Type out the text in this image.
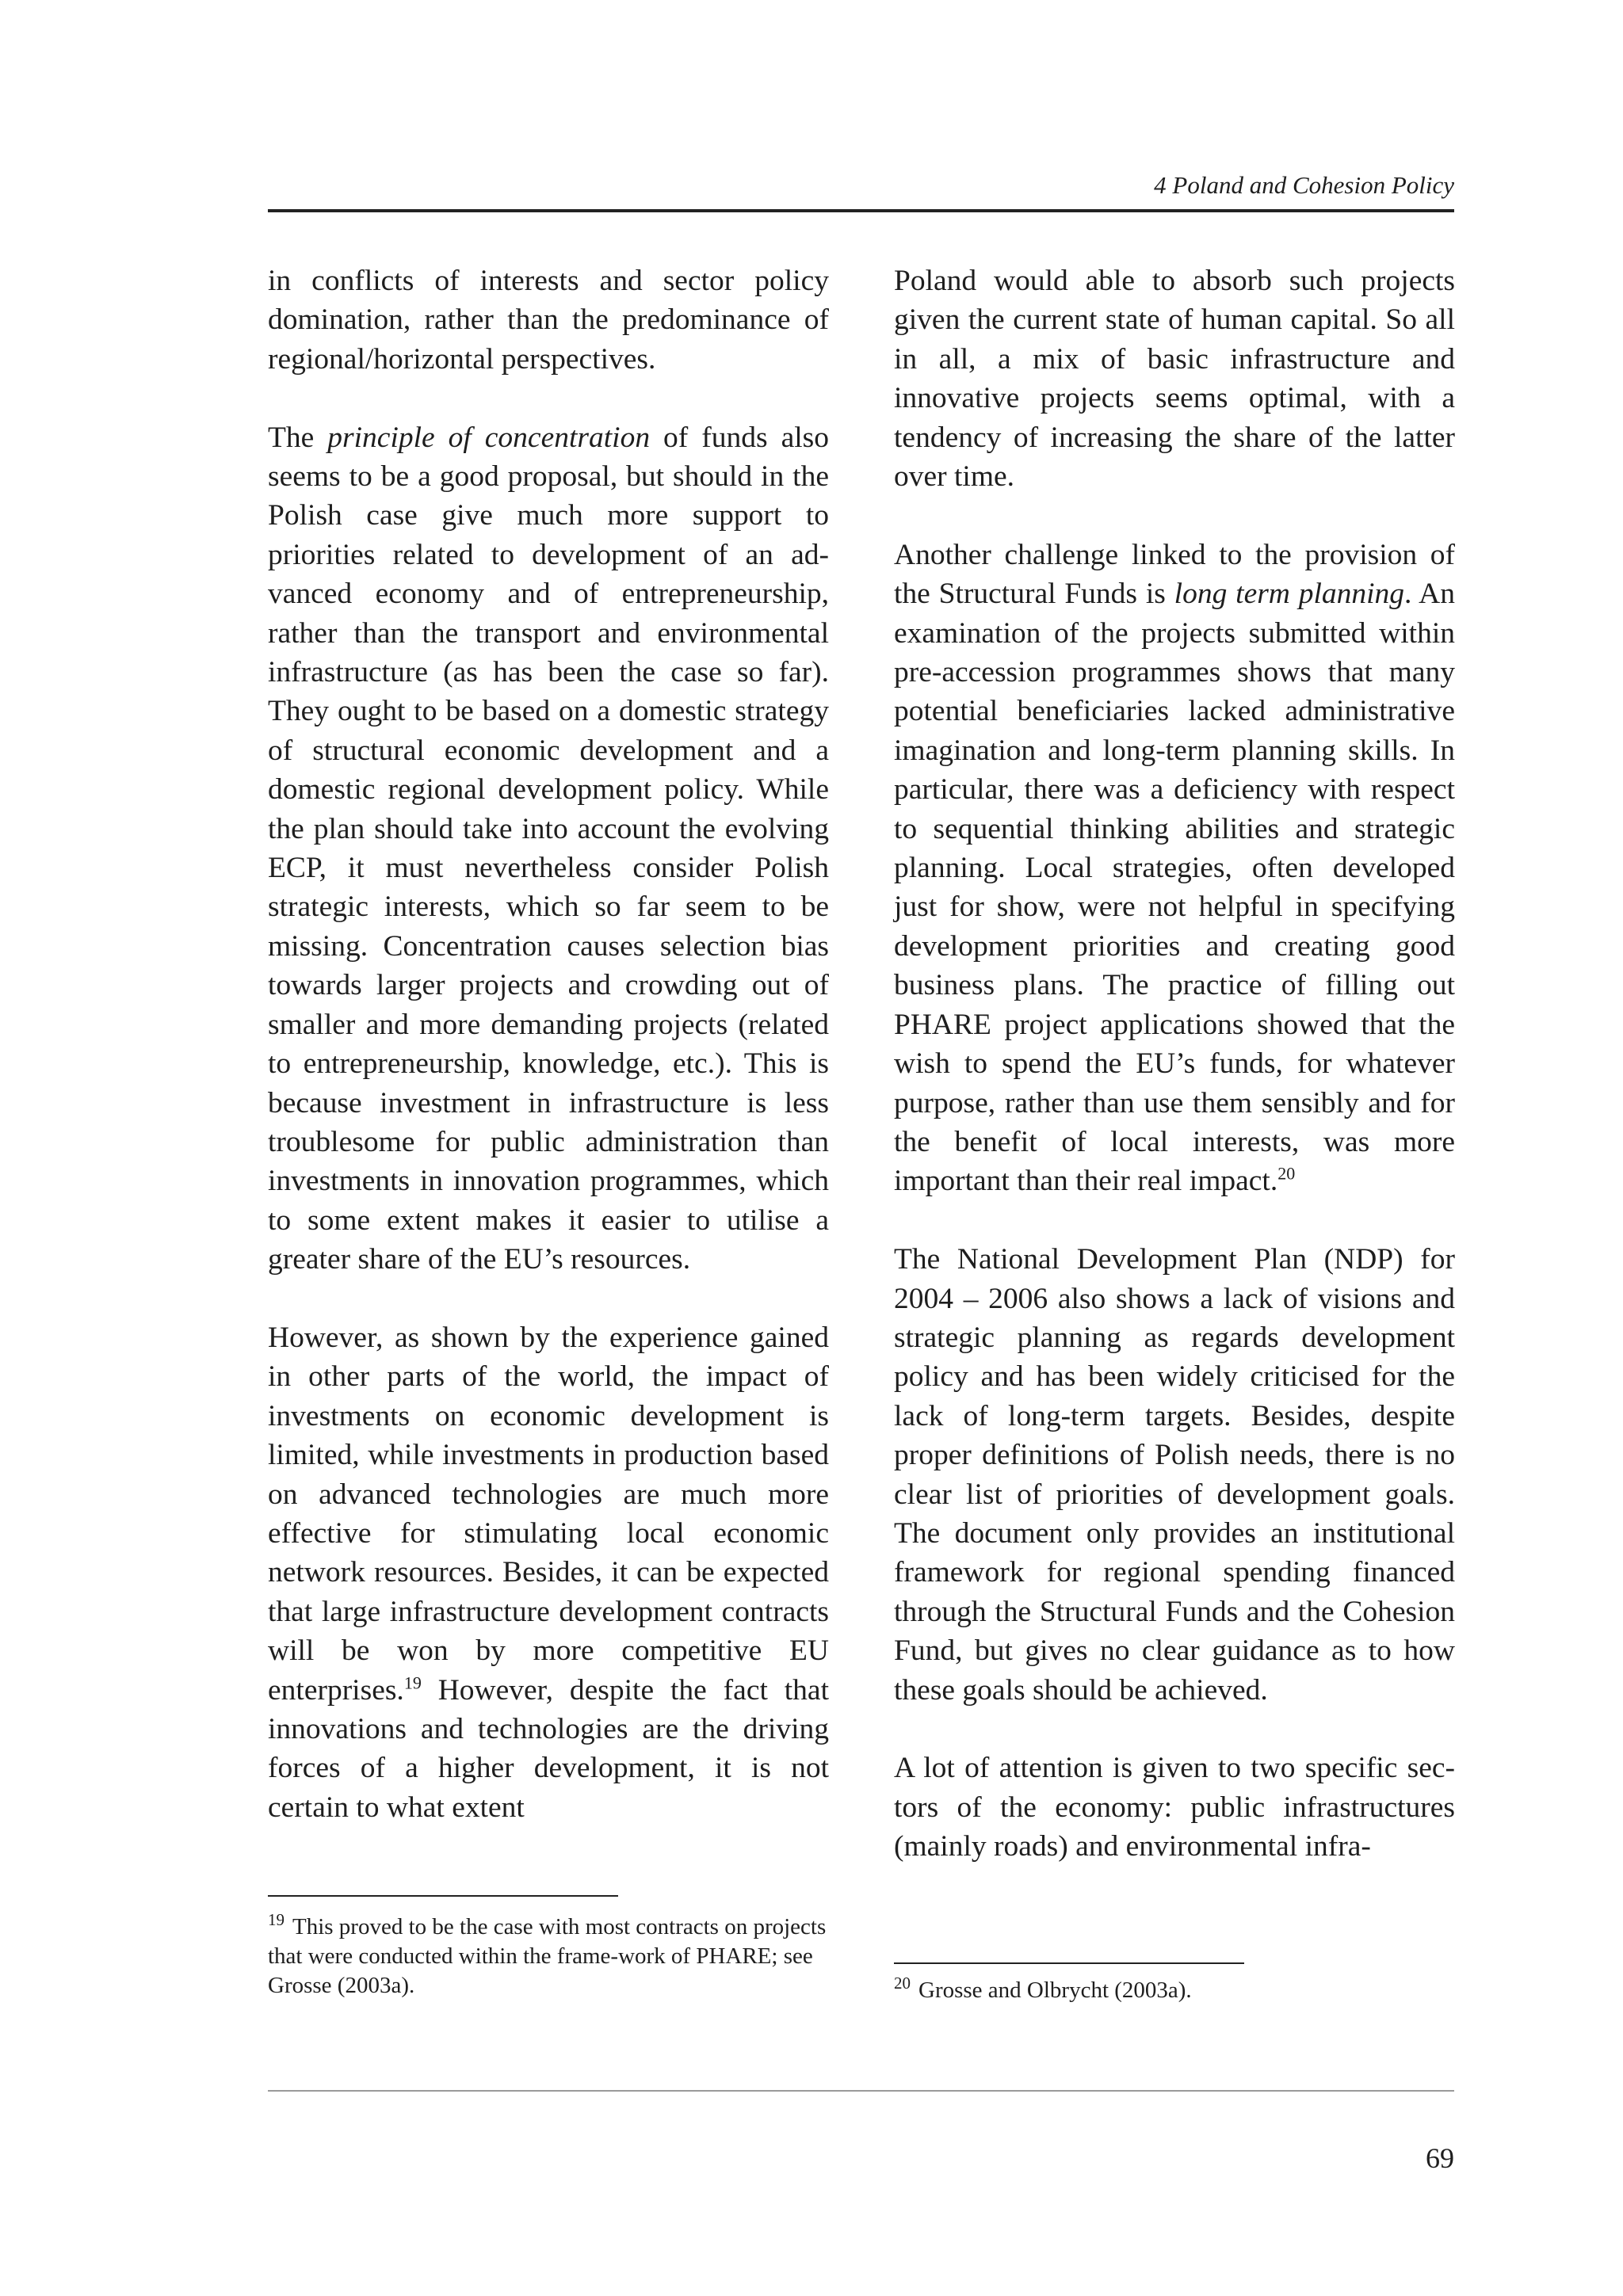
4 Poland and Cohesion Policy

in conflicts of interests and sector policy domination, rather than the predominance of regional/horizontal perspectives.

The principle of concentration of funds also seems to be a good proposal, but should in the Polish case give much more support to priorities related to development of an advanced economy and of entrepreneurship, rather than the transport and environmental infrastructure (as has been the case so far). They ought to be based on a domestic strategy of structural economic development and a domestic regional development policy. While the plan should take into account the evolving ECP, it must nevertheless consider Polish strategic interests, which so far seem to be missing. Concentration causes selection bias towards larger projects and crowding out of smaller and more demanding projects (related to entrepreneurship, knowledge, etc.). This is because investment in infrastructure is less troublesome for public administration than investments in innovation programmes, which to some extent makes it easier to utilise a greater share of the EU’s resources.

However, as shown by the experience gained in other parts of the world, the impact of investments on economic development is limited, while investments in production based on advanced technologies are much more effective for stimulating local economic network resources. Besides, it can be expected that large infrastructure development contracts will be won by more competitive EU enterprises.$^{19}$ However, despite the fact that innovations and technologies are the driving forces of a higher development, it is not certain to what extent

$^{19}$ This proved to be the case with most contracts on projects that were conducted within the frame-work of PHARE; see Grosse (2003a).

Poland would able to absorb such projects given the current state of human capital. So all in all, a mix of basic infrastructure and innovative projects seems optimal, with a tendency of increasing the share of the latter over time.

Another challenge linked to the provision of the Structural Funds is long term planning. An examination of the projects submitted within pre-accession programmes shows that many potential beneficiaries lacked administrative imagination and long-term planning skills. In particular, there was a deficiency with respect to sequential thinking abilities and strategic planning. Local strategies, often developed just for show, were not helpful in specifying development priorities and creating good business plans. The practice of filling out PHARE project applications showed that the wish to spend the EU’s funds, for whatever purpose, rather than use them sensibly and for the benefit of local interests, was more important than their real impact.$^{20}$

The National Development Plan (NDP) for 2004 – 2006 also shows a lack of visions and strategic planning as regards development policy and has been widely criticised for the lack of long-term targets. Besides, despite proper definitions of Polish needs, there is no clear list of priorities of development goals. The document only provides an institutional framework for regional spending financed through the Structural Funds and the Cohesion Fund, but gives no clear guidance as to how these goals should be achieved.

A lot of attention is given to two specific sectors of the economy: public infrastructures (mainly roads) and environmental infra-

$^{20}$ Grosse and Olbrycht (2003a).
69
